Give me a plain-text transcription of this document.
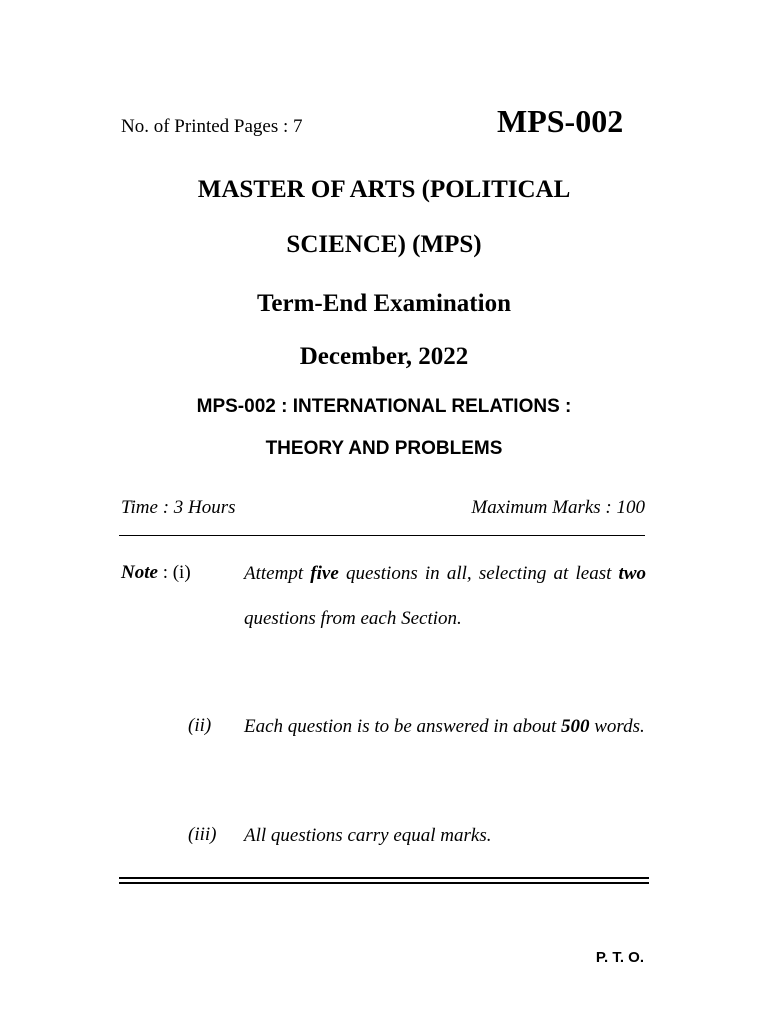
No. of Printed Pages : 7	MPS-002
MASTER OF ARTS (POLITICAL
SCIENCE) (MPS)
Term-End Examination
December, 2022
MPS-002 : INTERNATIONAL RELATIONS :
THEORY AND PROBLEMS
Time : 3 Hours	Maximum Marks : 100
Note : (i)	Attempt five questions in all, selecting at least two questions from each Section.
(ii) Each question is to be answered in about 500 words.
(iii) All questions carry equal marks.
P. T. O.
